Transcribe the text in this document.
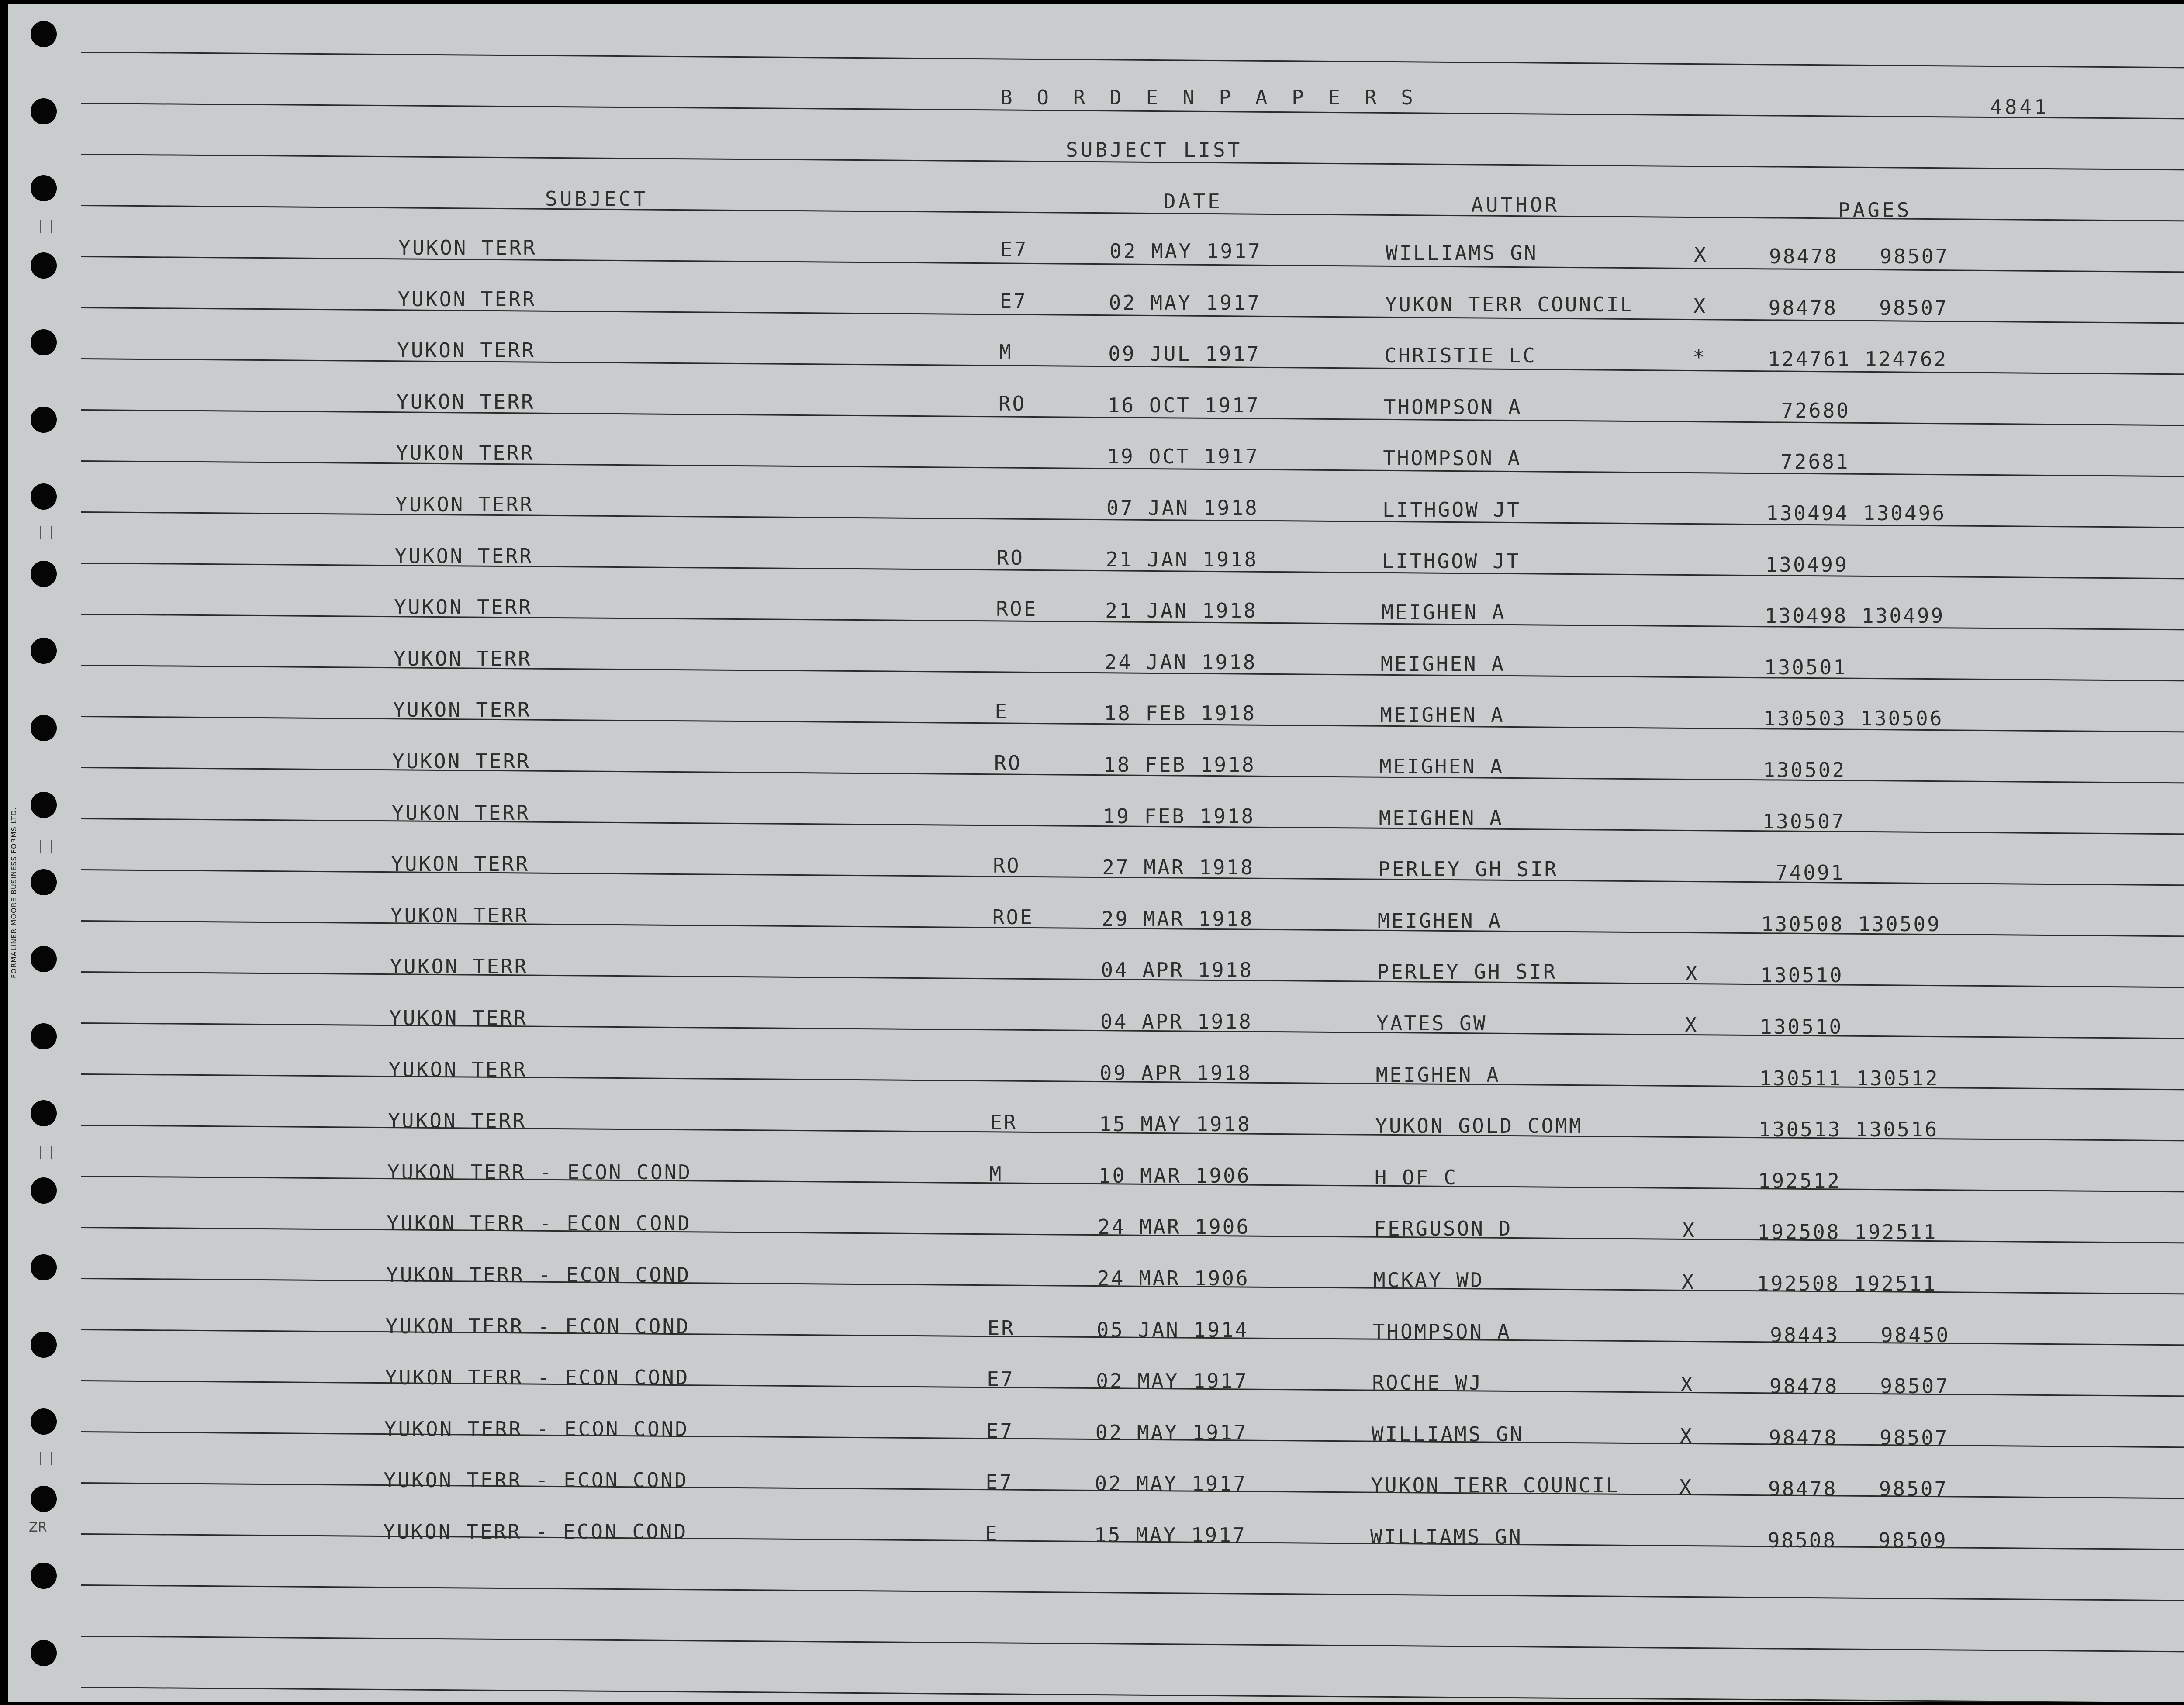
❘❘
❘❘
❘❘
❘❘
❘❘
FORMALINER MOORE BUSINESS FORMS LTD.
ZR
B O R D E N P A P E R S	4841
SUBJECT LIST
SUBJECT	DATE	AUTHOR	PAGES
YUKON TERR	E7	02 MAY 1917	WILLIAMS GN	X	98478   98507
YUKON TERR	E7	02 MAY 1917	YUKON TERR COUNCIL	X	98478   98507
YUKON TERR	M	09 JUL 1917	CHRISTIE LC	*	124761 124762
YUKON TERR	RO	16 OCT 1917	THOMPSON A	72680
YUKON TERR	19 OCT 1917	THOMPSON A	72681
YUKON TERR	07 JAN 1918	LITHGOW JT	130494 130496
YUKON TERR	RO	21 JAN 1918	LITHGOW JT	130499
YUKON TERR	ROE	21 JAN 1918	MEIGHEN A	130498 130499
YUKON TERR	24 JAN 1918	MEIGHEN A	130501
YUKON TERR	E	18 FEB 1918	MEIGHEN A	130503 130506
YUKON TERR	RO	18 FEB 1918	MEIGHEN A	130502
YUKON TERR	19 FEB 1918	MEIGHEN A	130507
YUKON TERR	RO	27 MAR 1918	PERLEY GH SIR	74091
YUKON TERR	ROE	29 MAR 1918	MEIGHEN A	130508 130509
YUKON TERR	04 APR 1918	PERLEY GH SIR	X	130510
YUKON TERR	04 APR 1918	YATES GW	X	130510
YUKON TERR	09 APR 1918	MEIGHEN A	130511 130512
YUKON TERR	ER	15 MAY 1918	YUKON GOLD COMM	130513 130516
YUKON TERR - ECON COND	M	10 MAR 1906	H OF C	192512
YUKON TERR - ECON COND	24 MAR 1906	FERGUSON D	X	192508 192511
YUKON TERR - ECON COND	24 MAR 1906	MCKAY WD	X	192508 192511
YUKON TERR - ECON COND	ER	05 JAN 1914	THOMPSON A	98443   98450
YUKON TERR - ECON COND	E7	02 MAY 1917	ROCHE WJ	X	98478   98507
YUKON TERR - ECON COND	E7	02 MAY 1917	WILLIAMS GN	X	98478   98507
YUKON TERR - ECON COND	E7	02 MAY 1917	YUKON TERR COUNCIL	X	98478   98507
YUKON TERR - ECON COND	E	15 MAY 1917	WILLIAMS GN	98508   98509
